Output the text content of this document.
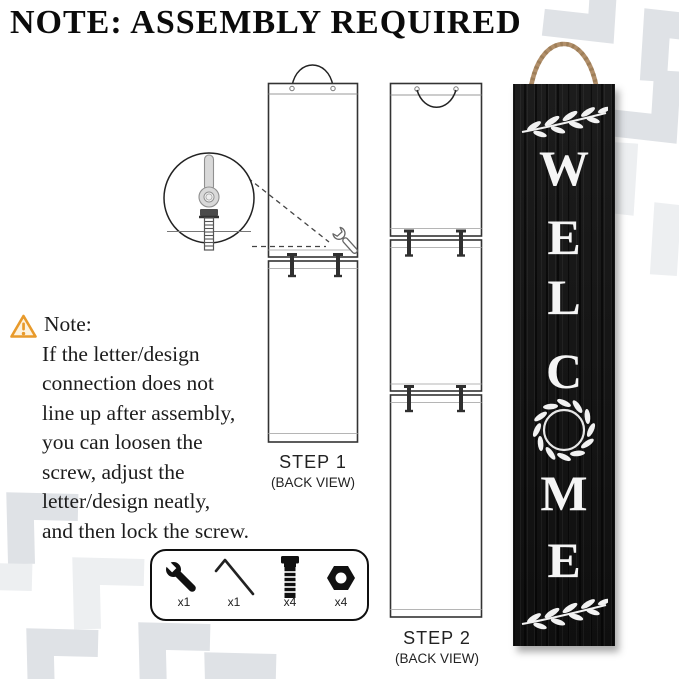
NOTE: ASSEMBLY REQUIRED
Note:
If the letter/design
connection does not
line up after assembly,
you can loosen the
screw, adjust the
letter/design neatly,
and then lock the screw.
STEP 1
(BACK VIEW)
STEP 2
(BACK VIEW)
W
E
L
C
M
E
x1	x1	x4	x4
